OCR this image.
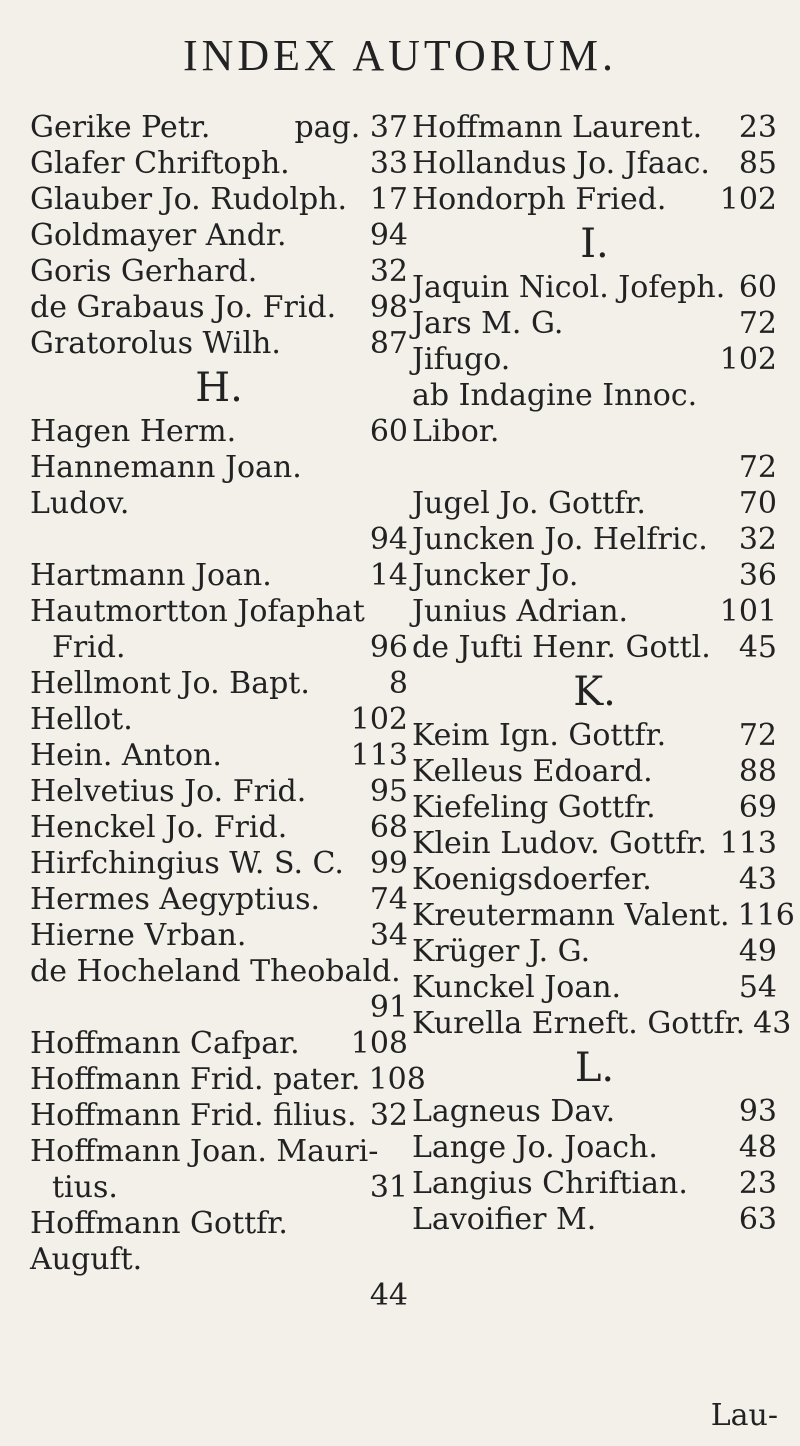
INDEX AUTORUM.
Gerike Petr.	pag. 37
Glafer Chriftoph.	33
Glauber Jo. Rudolph. 17
Goldmayer Andr.	94
Goris Gerhard.	32
de Grabaus Jo. Frid. 98
Gratorolus Wilh.	87
H.
Hagen Herm.	60
Hannemann Joan. Ludov.
94
Hartmann Joan.	14
Hautmortton Jofaphat
Frid.	96
Hellmont Jo. Bapt.	8
Hellot.	102
Hein. Anton.	113
Helvetius Jo. Frid. 95
Henckel Jo. Frid.	68
Hirfchingius W. S. C. 99
Hermes Aegyptius. 74
Hierne Vrban.	34
de Hocheland Theobald.
91
Hoffmann Cafpar. 108
Hoffmann Frid. pater. 108
Hoffmann Frid. filius. 32
Hoffmann Joan. Mauri-
tius.	31
Hoffmann Gottfr. Auguft.
44
Hoffmann Laurent. 23
Hollandus Jo. Jfaac. 85
Hondorph Fried. 102
I.
Jaquin Nicol. Jofeph. 60
Jars M. G.	72
Jifugo.	102
ab Indagine Innoc. Libor.
72
Jugel Jo. Gottfr.	70
Juncken Jo. Helfric. 32
Juncker Jo.	36
Junius Adrian.	101
de Jufti Henr. Gottl. 45
K.
Keim Ign. Gottfr. 72
Kelleus Edoard.	88
Kiefeling Gottfr.	69
Klein Ludov. Gottfr. 113
Koenigsdoerfer.	43
Kreutermann Valent. 116
Krüger J. G.	49
Kunckel Joan.	54
Kurella Erneft. Gottfr. 43
L.
Lagneus Dav.	93
Lange Jo. Joach.	48
Langius Chriftian. 23
Lavoifier M.	63
Lau-
